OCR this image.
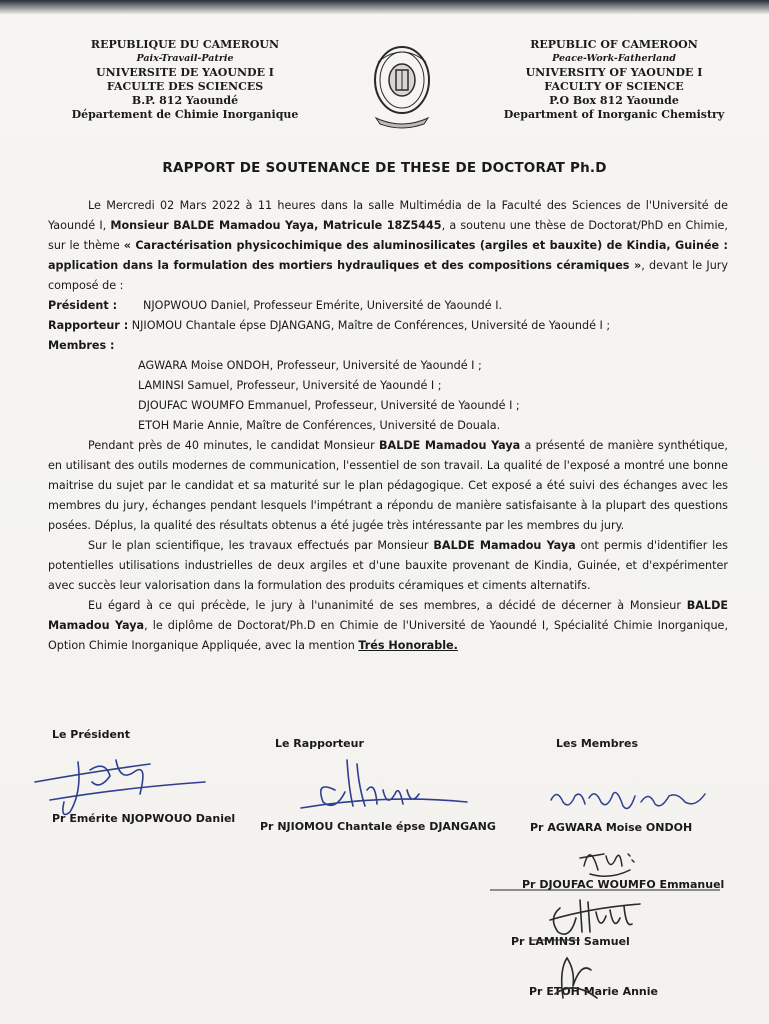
REPUBLIQUE DU CAMEROUN
Paix-Travail-Patrie
UNIVERSITE DE YAOUNDE I
FACULTE DES SCIENCES
B.P. 812 Yaoundé
Département de Chimie Inorganique
REPUBLIC OF CAMEROON
Peace-Work-Fatherland
UNIVERSITY OF YAOUNDE I
FACULTY OF SCIENCE
P.O Box 812 Yaounde
Department of Inorganic Chemistry
RAPPORT DE SOUTENANCE DE THESE DE DOCTORAT Ph.D

Le Mercredi 02 Mars 2022 à 11 heures dans la salle Multimédia de la Faculté des Sciences de l'Université de Yaoundé I, Monsieur BALDE Mamadou Yaya, Matricule 18Z5445, a soutenu une thèse de Doctorat/PhD en Chimie, sur le thème « Caractérisation physicochimique des aluminosilicates (argiles et bauxite) de Kindia, Guinée : application dans la formulation des mortiers hydrauliques et des compositions céramiques », devant le Jury composé de :

Président : NJOPWOUO Daniel, Professeur Emérite, Université de Yaoundé I.
Rapporteur : NJIOMOU Chantale épse DJANGANG, Maître de Conférences, Université de Yaoundé I ;
Membres :
AGWARA Moise ONDOH, Professeur, Université de Yaoundé I ;
LAMINSI Samuel, Professeur, Université de Yaoundé I ;
DJOUFAC WOUMFO Emmanuel, Professeur, Université de Yaoundé I ;
ETOH Marie Annie, Maître de Conférences, Université de Douala.

Pendant près de 40 minutes, le candidat Monsieur BALDE Mamadou Yaya a présenté de manière synthétique, en utilisant des outils modernes de communication, l'essentiel de son travail. La qualité de l'exposé a montré une bonne maitrise du sujet par le candidat et sa maturité sur le plan pédagogique. Cet exposé a été suivi des échanges avec les membres du jury, échanges pendant lesquels l'impétrant a répondu de manière satisfaisante à la plupart des questions posées. Déplus, la qualité des résultats obtenus a été jugée très intéressante par les membres du jury.

Sur le plan scientifique, les travaux effectués par Monsieur BALDE Mamadou Yaya ont permis d'identifier les potentielles utilisations industrielles de deux argiles et d'une bauxite provenant de Kindia, Guinée, et d'expérimenter avec succès leur valorisation dans la formulation des produits céramiques et ciments alternatifs.

Eu égard à ce qui précède, le jury à l'unanimité de ses membres, a décidé de décerner à Monsieur BALDE Mamadou Yaya, le diplôme de Doctorat/Ph.D en Chimie de l'Université de Yaoundé I, Spécialité Chimie Inorganique, Option Chimie Inorganique Appliquée, avec la mention Trés Honorable.

Le Président
Pr Emérite NJOPWOUO Daniel
Le Rapporteur
Pr NJIOMOU Chantale épse DJANGANG
Les Membres
Pr AGWARA Moise ONDOH
Pr DJOUFAC WOUMFO Emmanuel
Pr LAMINSI Samuel
Pr ETOH Marie Annie
